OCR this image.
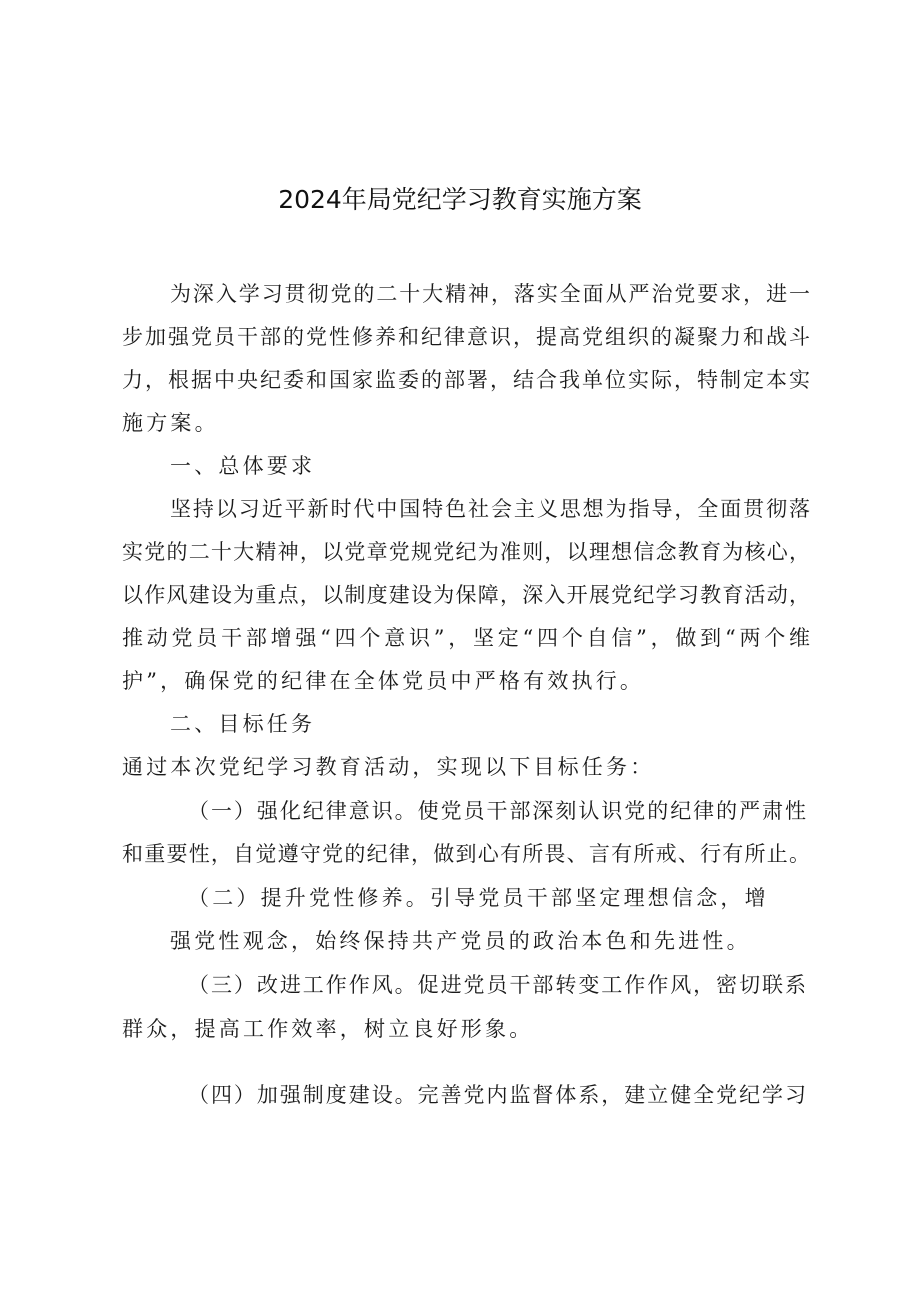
2024年局党纪学习教育实施方案
为深入学习贯彻党的二十大精神，落实全面从严治党要求，进一
步加强党员干部的党性修养和纪律意识，提高党组织的凝聚力和战斗
力，根据中央纪委和国家监委的部署，结合我单位实际，特制定本实
施方案。
一、总体要求
坚持以习近平新时代中国特色社会主义思想为指导，全面贯彻落
实党的二十大精神，以党章党规党纪为准则，以理想信念教育为核心，
以作风建设为重点，以制度建设为保障，深入开展党纪学习教育活动，
推动党员干部增强“四个意识”，坚定“四个自信”，做到“两个维
护”，确保党的纪律在全体党员中严格有效执行。
二、目标任务
通过本次党纪学习教育活动，实现以下目标任务：
（一）强化纪律意识。使党员干部深刻认识党的纪律的严肃性
和重要性，自觉遵守党的纪律，做到心有所畏、言有所戒、行有所止。
（二）提升党性修养。引导党员干部坚定理想信念，增
强党性观念，始终保持共产党员的政治本色和先进性。
（三）改进工作作风。促进党员干部转变工作作风，密切联系
群众，提高工作效率，树立良好形象。
（四）加强制度建设。完善党内监督体系，建立健全党纪学习
